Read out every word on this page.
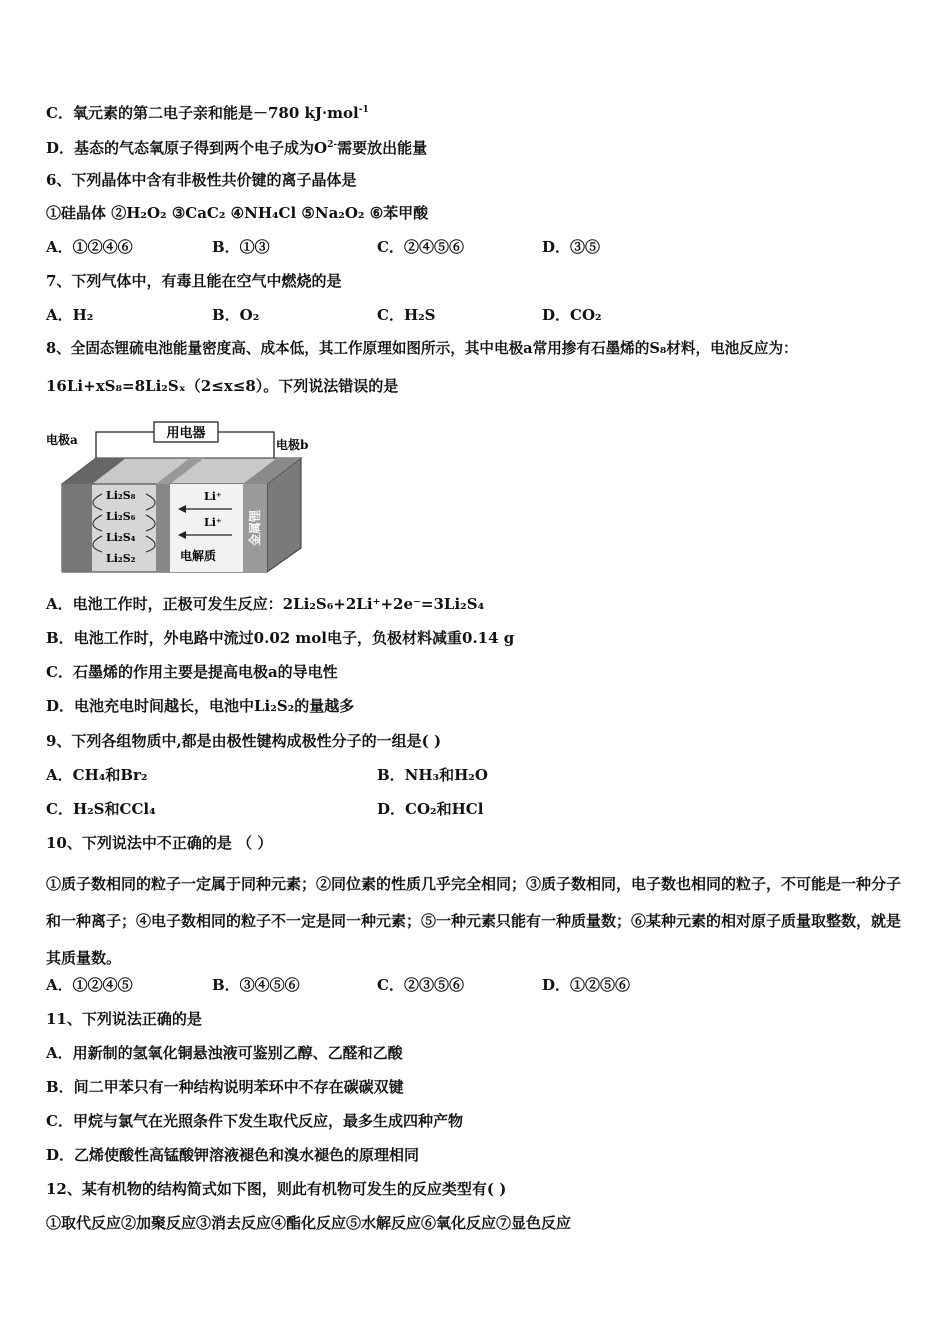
C．氧元素的第二电子亲和能是－780 kJ·mol$^{-1}$
D．基态的气态氧原子得到两个电子成为$O^{2-}$需要放出能量
6、下列晶体中含有非极性共价键的离子晶体是
①硅晶体 ②H₂O₂ ③CaC₂ ④NH₄Cl ⑤Na₂O₂ ⑥苯甲酸
A．①②④⑥	B．①③	C．②④⑤⑥	D．③⑤
7、下列气体中，有毒且能在空气中燃烧的是
A．H₂	B．O₂	C．H₂S	D．CO₂
8、全固态锂硫电池能量密度高、成本低，其工作原理如图所示，其中电极a常用掺有石墨烯的S₈材料，电池反应为：
16Li+xS₈=8Li₂Sₓ（2≤x≤8）。下列说法错误的是
用电器
电极a	电极b
Li₂S₈
Li₂S₆
Li₂S₄
Li₂S₂
Li⁺
Li⁺
电解质
金属锂
A．电池工作时，正极可发生反应：2Li₂S₆+2Li⁺+2e⁻=3Li₂S₄
B．电池工作时，外电路中流过0.02 mol电子，负极材料减重0.14 g
C．石墨烯的作用主要是提高电极a的导电性
D．电池充电时间越长，电池中Li₂S₂的量越多
9、下列各组物质中,都是由极性键构成极性分子的一组是( )
A．CH₄和Br₂	B．NH₃和H₂O
C．H₂S和CCl₄	D．CO₂和HCl
10、下列说法中不正确的是 （ ）
①质子数相同的粒子一定属于同种元素；②同位素的性质几乎完全相同；③质子数相同，电子数也相同的粒子，不可能是一种分子和一种离子；④电子数相同的粒子不一定是同一种元素；⑤一种元素只能有一种质量数；⑥某种元素的相对原子质量取整数，就是其质量数。
A．①②④⑤	B．③④⑤⑥	C．②③⑤⑥	D．①②⑤⑥
11、下列说法正确的是
A．用新制的氢氧化铜悬浊液可鉴别乙醇、乙醛和乙酸
B．间二甲苯只有一种结构说明苯环中不存在碳碳双键
C．甲烷与氯气在光照条件下发生取代反应，最多生成四种产物
D．乙烯使酸性高锰酸钾溶液褪色和溴水褪色的原理相同
12、某有机物的结构简式如下图，则此有机物可发生的反应类型有( )
①取代反应②加聚反应③消去反应④酯化反应⑤水解反应⑥氧化反应⑦显色反应
